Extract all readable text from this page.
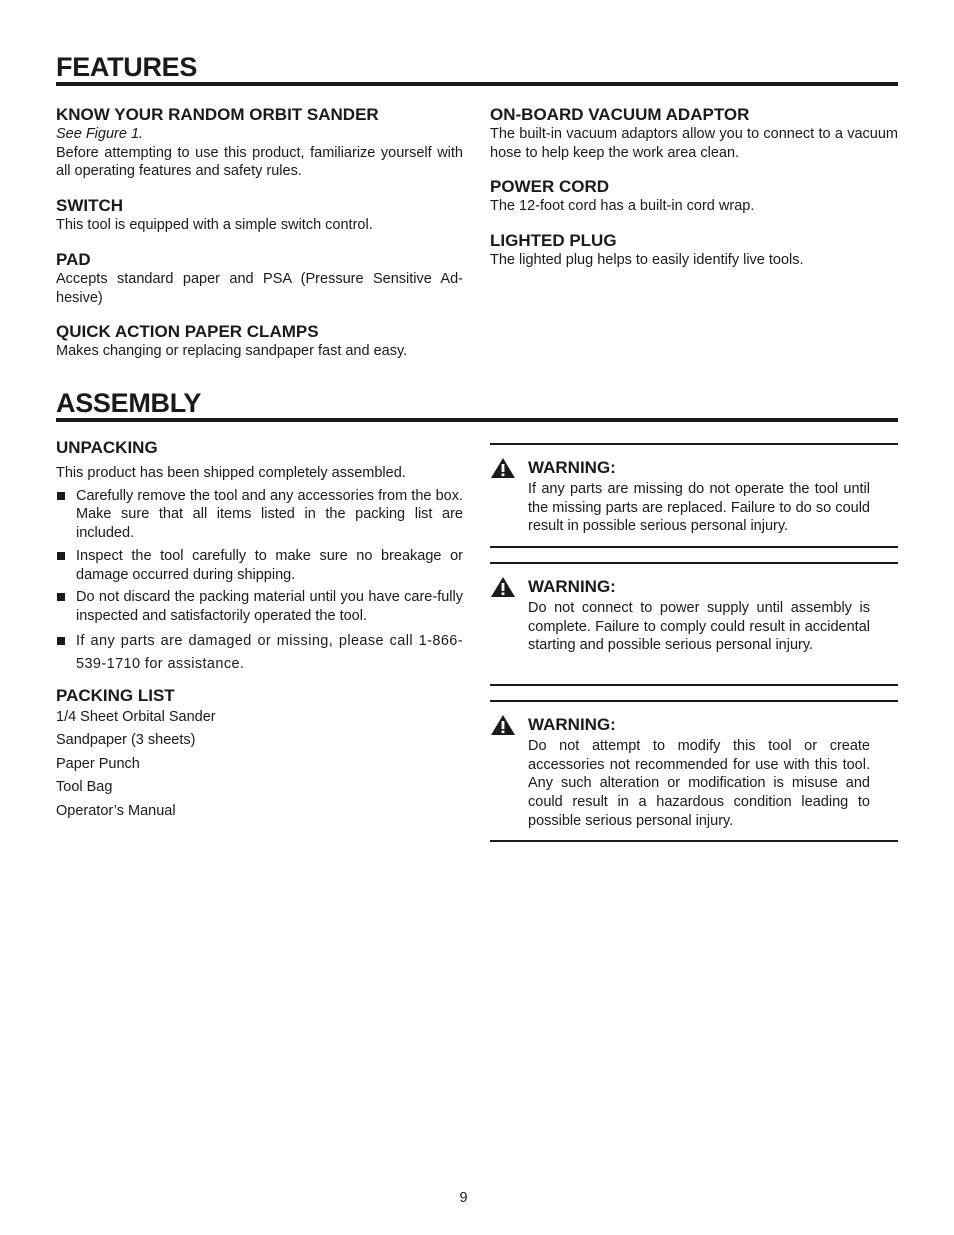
FEATURES
KNOW YOUR RANDOM ORBIT SANDER
See Figure 1.
Before attempting to use this product, familiarize yourself with all operating features and safety rules.
SWITCH
This tool is equipped with a simple switch control.
PAD
Accepts standard paper and PSA (Pressure Sensitive Ad-hesive)
QUICK ACTION PAPER CLAMPS
Makes changing or replacing sandpaper fast and easy.
ON-BOARD VACUUM ADAPTOR
The built-in vacuum adaptors allow you to connect to a vacuum hose to help keep the work area clean.
POWER CORD
The 12-foot cord has a built-in cord wrap.
LIGHTED PLUG
The lighted plug helps to easily identify live tools.
ASSEMBLY
UNPACKING
This product has been shipped completely assembled.
Carefully remove the tool and any accessories from the box. Make sure that all items listed in the packing list are included.
Inspect the tool carefully to make sure no breakage or damage occurred during shipping.
Do not discard the packing material until you have care-fully inspected and satisfactorily operated the tool.
If any parts are damaged or missing, please call 1-866-539-1710 for assistance.
PACKING LIST
1/4 Sheet Orbital Sander
Sandpaper (3 sheets)
Paper Punch
Tool Bag
Operator’s Manual
WARNING:
If any parts are missing do not operate the tool until the missing parts are replaced. Failure to do so could result in possible serious personal injury.
WARNING:
Do not connect to power supply until assembly is complete. Failure to comply could result in accidental starting and possible serious personal injury.
WARNING:
Do not attempt to modify this tool or create accessories not recommended for use with this tool. Any such alteration or modification is misuse and could result in a hazardous condition leading to possible serious personal injury.
9
